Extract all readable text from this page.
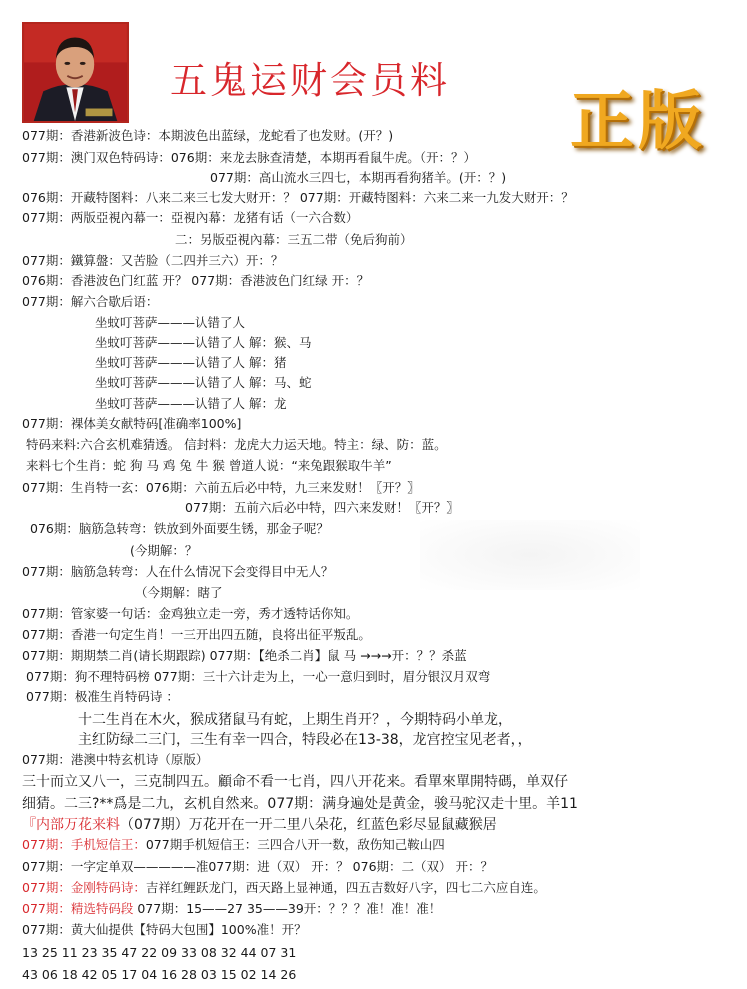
五鬼运财会员料
正版
077期：香港新波色诗：本期波色出蓝绿，龙蛇看了也发财。(开？)
077期：澳门双色特码诗：076期：来龙去脉查清楚，本期再看鼠牛虎。（开：？）
077期：高山流水三四七，本期再看狗猪羊。(开：？)
076期：开藏特图料：八来二来三七发大财开：？ 077期：开藏特图料：六来二来一九发大财开：？
077期：两版亞視內幕一：亞視內幕：龙猪有话（一六合数）
二：另版亞視內幕：三五二带（免后狗前）
077期：鐵算盤：又苦脸（二四并三六）开：？
076期：香港波色门红蓝 开？ 077期：香港波色门红绿 开：？
077期：解六合歇后语：
坐蚊叮菩萨———认错了人
坐蚊叮菩萨———认错了人 解：猴、马
坐蚊叮菩萨———认错了人 解：猪
坐蚊叮菩萨———认错了人 解：马、蛇
坐蚊叮菩萨———认错了人 解：龙
077期：裸体美女献特码[准确率100%]
特码来料:六合玄机难猜透。 信封料：龙虎大力运天地。特主：绿、防：蓝。
来料七个生肖：蛇 狗 马 鸡 兔 牛 猴 曾道人说：“来兔跟猴取牛羊”
077期：生肖特一玄：076期：六前五后必中特，九三来发财！〖开？〗
077期：五前六后必中特，四六来发财！〖开？〗
076期：脑筋急转弯：铁放到外面要生锈，那金子呢？
(今期解：？
077期：脑筋急转弯：人在什么情况下会变得目中无人？
（今期解：瞎了
077期：管家婆一句话：金鸡独立走一旁，秀才透特话你知。
077期：香港一句定生肖！一三开出四五随，良将出征平叛乱。
077期：期期禁二肖(请长期跟踪) 077期：【绝杀二肖】鼠 马 →→→开：？？杀蓝
077期：狗不理特码榜 077期：三十六计走为上，一心一意归到时，眉分银汉月双弯
077期：极准生肖特码诗 ：
十二生肖在木火，猴成猪鼠马有蛇，上期生肖开？，今期特码小单龙，
主红防绿二三门，三生有幸一四合，特段必在13-38，龙宫控宝见老者，，
077期：港澳中特玄机诗（原版）
三十而立又八一，三克制四五。顧命不看一七肖，四八开花来。看單來單開特碼，单双仔
细猜。二三?**爲是二九，玄机自然来。077期：满身遍处是黄金，骏马驼汉走十里。羊11
『内部万花来料（077期）万花开在一开二里八朵花，红蓝色彩尽显鼠藏猴居
077期：手机短信王：077期手机短信王：三四合八开一数，敌伤知己鞍山四
077期：一字定单双—————准077期：进（双） 开：？ 076期：二（双） 开：？
077期：金刚特码诗：吉祥红鲤跃龙门，西天路上显神通，四五吉数好八字，四七二六应自连。
077期：精选特码段 077期：15——27 35——39开：？？？准！准！准！
077期：黄大仙提供【特码大包围】100%准！开？
13 25 11 23 35 47 22 09 33 08 32 44 07 31
43 06 18 42 05 17 04 16 28 03 15 02 14 26
